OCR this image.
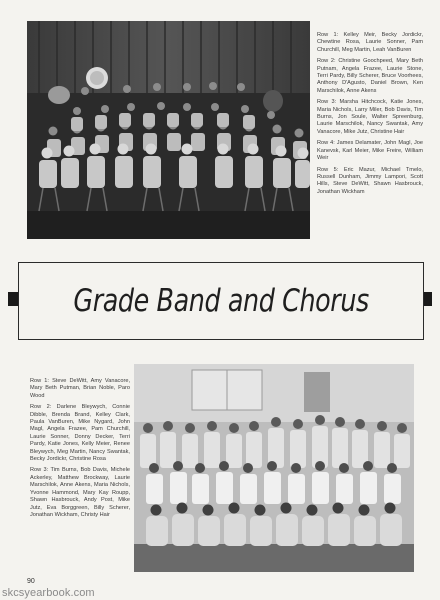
Row 1: Kelley Meir, Becky Jordickr, Chewtine Rosa, Laurie Sonner, Pam Churchill, Meg Martin, Leah VanBuren

Row 2: Christine Goochpeed, Mary Beth Putnam, Angela Frazee, Laurie Stone, Terri Pardy, Billy Scherer, Bruce Voorhees, Anthony D'Agusto, Daniel Brown, Ken Marschilok, Anne Akens

Row 3: Marsha Hitchcock, Katie Jones, Maria Nichols, Larry Miler, Bob Davis, Tim Burns, Jon Soule, Walter Spreenburg, Laurie Marschilok, Nancy Swantak, Amy Vanacore, Mike Jutz, Christine Hair

Row 4: James Delamater, John Magl, Joe Kanevsk, Karl Meier, Mike Freire, William Weir

Row 5: Eric Mazur, Michael Tmelo, Russell Dunham, Jimmy Lampori, Scott Hills, Steve DeWitt, Shawn Hasbrouck, Jonathan Wickham

Grade Band and Chorus

Row 1: Steve DeWitt, Amy Vanacore, Mary Beth Putman, Brian Noble, Paro Wood

Row 2: Darlene Bleywych, Connie Dibble, Brenda Brand, Kelley Clark, Paula VanBuren, Mike Nygard, John Magl, Angela Frazee, Pam Churchill, Laurie Sonner, Donny Decker, Terri Pardy, Katie Jones, Kelly Meier, Renee Bleywych, Meg Martin, Nancy Swantak, Becky Jordickr, Christine Rosa

Row 3: Tim Burns, Bob Davis, Michele Ackerley, Matthew Brockway, Laurie Marschilok, Anne Akens, Maria Nichols, Yvonne Hammond, Mary Kay Roupp, Shawn Hasbrouck, Andy Post, Mike Jutz, Eva Borggreen, Billy Scherer, Jonathan Wickham, Christy Hair

90
skcsyearbook.com
